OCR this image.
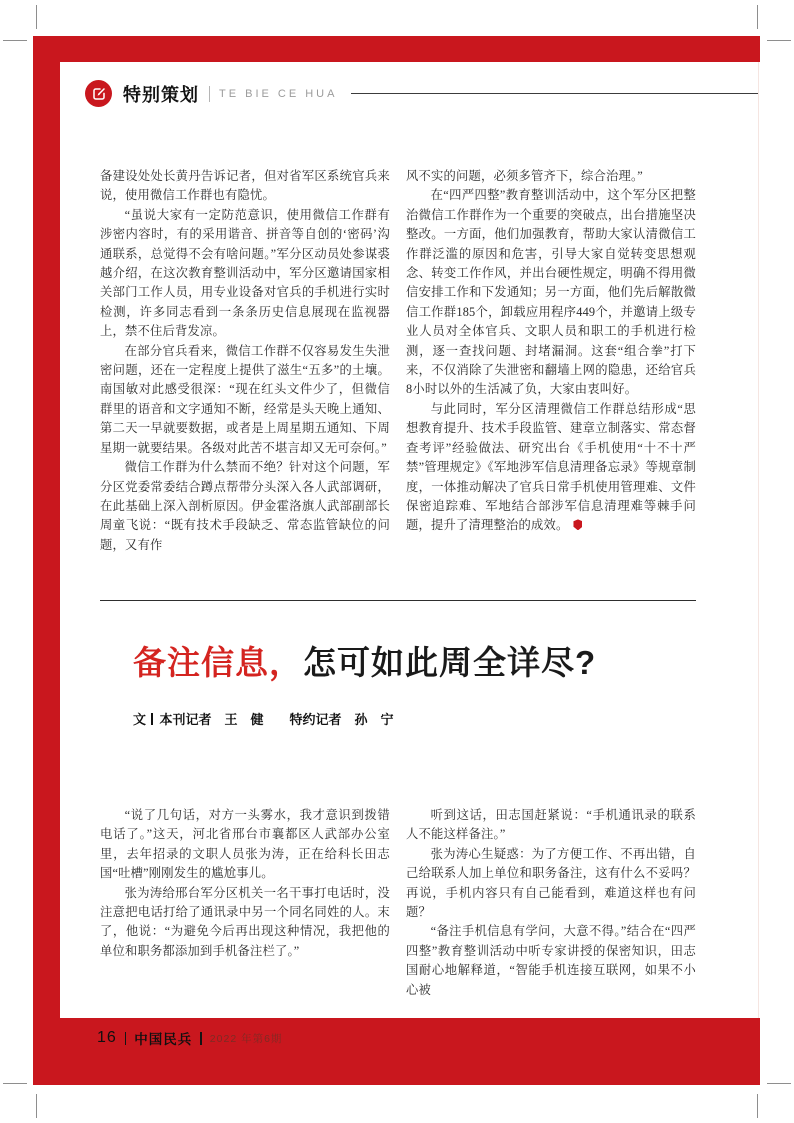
特别策划 TE BIE CE HUA

备建设处处长黄丹告诉记者，但对省军区系统官兵来说，使用微信工作群也有隐忧。

“虽说大家有一定防范意识，使用微信工作群有涉密内容时，有的采用谐音、拼音等自创的‘密码’沟通联系，总觉得不会有啥问题。”军分区动员处参谋裘越介绍，在这次教育整训活动中，军分区邀请国家相关部门工作人员，用专业设备对官兵的手机进行实时检测，许多同志看到一条条历史信息展现在监视器上，禁不住后背发凉。

在部分官兵看来，微信工作群不仅容易发生失泄密问题，还在一定程度上提供了滋生“五多”的土壤。南国敏对此感受很深：“现在红头文件少了，但微信群里的语音和文字通知不断，经常是头天晚上通知、第二天一早就要数据，或者是上周星期五通知、下周星期一就要结果。各级对此苦不堪言却又无可奈何。”

微信工作群为什么禁而不绝？针对这个问题，军分区党委常委结合蹲点帮带分头深入各人武部调研，在此基础上深入剖析原因。伊金霍洛旗人武部副部长周童飞说：“既有技术手段缺乏、常态监管缺位的问题，又有作

风不实的问题，必须多管齐下，综合治理。”

在“四严四整”教育整训活动中，这个军分区把整治微信工作群作为一个重要的突破点，出台措施坚决整改。一方面，他们加强教育，帮助大家认清微信工作群泛滥的原因和危害，引导大家自觉转变思想观念、转变工作作风，并出台硬性规定，明确不得用微信安排工作和下发通知；另一方面，他们先后解散微信工作群185个，卸载应用程序449个，并邀请上级专业人员对全体官兵、文职人员和职工的手机进行检测，逐一查找问题、封堵漏洞。这套“组合拳”打下来，不仅消除了失泄密和翻墙上网的隐患，还给官兵8小时以外的生活减了负，大家由衷叫好。

与此同时，军分区清理微信工作群总结形成“思想教育提升、技术手段监管、建章立制落实、常态督查考评”经验做法、研究出台《手机使用“十不十严禁”管理规定》《军地涉军信息清理备忘录》等规章制度，一体推动解决了官兵日常手机使用管理难、文件保密追踪难、军地结合部涉军信息清理难等棘手问题，提升了清理整治的成效。

备注信息，怎可如此周全详尽?
文 本刊记者　王　健　　特约记者　孙　宁

“说了几句话，对方一头雾水，我才意识到拨错电话了。”这天，河北省邢台市襄都区人武部办公室里，去年招录的文职人员张为涛，正在给科长田志国“吐槽”刚刚发生的尴尬事儿。

张为涛给邢台军分区机关一名干事打电话时，没注意把电话打给了通讯录中另一个同名同姓的人。末了，他说：“为避免今后再出现这种情况，我把他的单位和职务都添加到手机备注栏了。”

听到这话，田志国赶紧说：“手机通讯录的联系人不能这样备注。”

张为涛心生疑惑：为了方便工作、不再出错，自己给联系人加上单位和职务备注，这有什么不妥吗？再说，手机内容只有自己能看到，难道这样也有问题？

“备注手机信息有学问，大意不得。”结合在“四严四整”教育整训活动中听专家讲授的保密知识，田志国耐心地解释道，“智能手机连接互联网，如果不小心被

16 中国民兵 2022 年第6期
